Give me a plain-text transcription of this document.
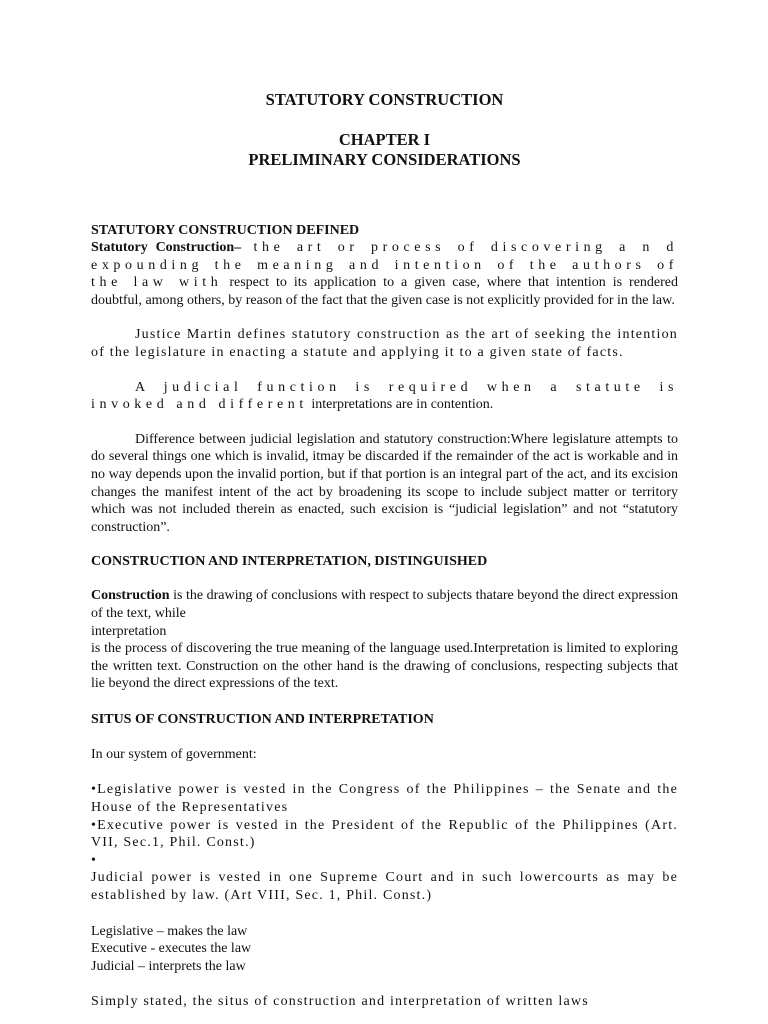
STATUTORY CONSTRUCTION
CHAPTER I
PRELIMINARY CONSIDERATIONS
STATUTORY CONSTRUCTION DEFINED

Statutory Construction– the art or process of discovering a n d expounding the meaning and intention of the authors of the law with respect to its application to a given case, where that intention is rendered doubtful, among others, by reason of the fact that the given case is not explicitly provided for in the law.

Justice Martin defines statutory construction as the art of seeking the intention of the legislature in enacting a statute and applying it to a given state of facts.

A judicial function is required when a statute is invoked and different interpretations are in contention.

Difference between judicial legislation and statutory construction:Where legislature attempts to do several things one which is invalid, itmay be discarded if the remainder of the act is workable and in no way depends upon the invalid portion, but if that portion is an integral part of the act, and its excision changes the manifest intent of the act by broadening its scope to include subject matter or territory which was not included therein as enacted, such excision is “judicial legislation” and not “statutory construction”.

CONSTRUCTION AND INTERPRETATION, DISTINGUISHED

Construction is the drawing of conclusions with respect to subjects thatare beyond the direct expression of the text, while
interpretation
is the process of discovering the true meaning of the language used.Interpretation is limited to exploring the written text. Construction on the other hand is the drawing of conclusions, respecting subjects that lie beyond the direct expressions of the text.

SITUS OF CONSTRUCTION AND INTERPRETATION

In our system of government:

•Legislative power is vested in the Congress of the Philippines – the Senate and the House of the Representatives

•Executive power is vested in the President of the Republic of the Philippines (Art. VII, Sec.1, Phil. Const.)

•

Judicial power is vested in one Supreme Court and in such lowercourts as may be established by law. (Art VIII, Sec. 1, Phil. Const.)

Legislative – makes the law

Executive - executes the law

Judicial – interprets the law

Simply stated, the situs of construction and interpretation of written laws
